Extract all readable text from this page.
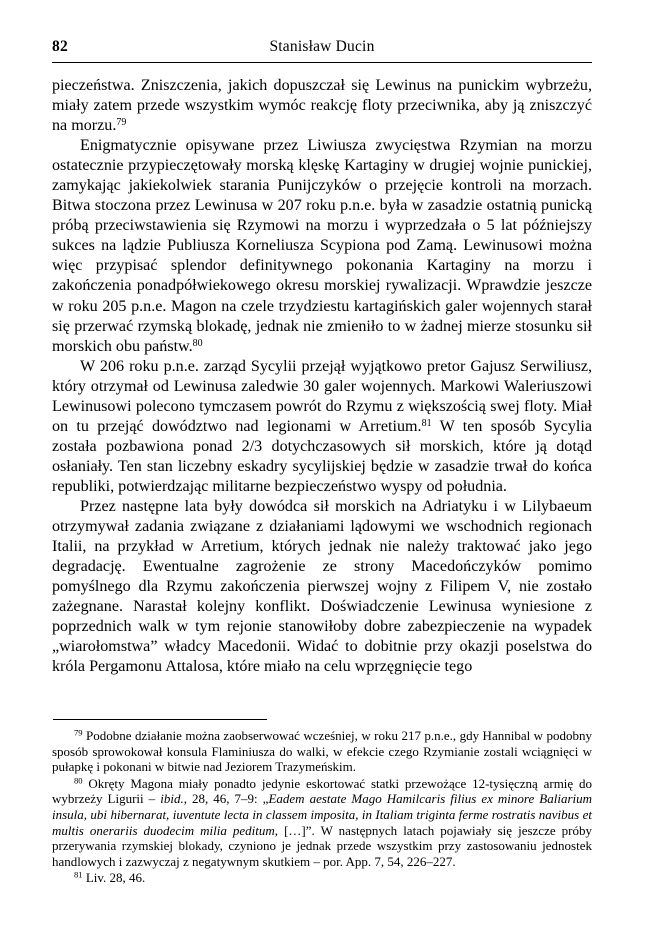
82	Stanisław Ducin

pieczeństwa. Zniszczenia, jakich dopuszczał się Lewinus na punickim wybrzeżu, miały zatem przede wszystkim wymóc reakcję floty przeciwnika, aby ją zniszczyć na morzu.$^{79}$

Enigmatycznie opisywane przez Liwiusza zwycięstwa Rzymian na morzu ostatecznie przypieczętowały morską klęskę Kartaginy w drugiej wojnie punickiej, zamykając jakiekolwiek starania Punijczyków o przejęcie kontroli na morzach. Bitwa stoczona przez Lewinusa w 207 roku p.n.e. była w zasadzie ostatnią punicką próbą przeciwstawienia się Rzymowi na morzu i wyprzedzała o 5 lat późniejszy sukces na lądzie Publiusza Korneliusza Scypiona pod Zamą. Lewinusowi można więc przypisać splendor definitywnego pokonania Kartaginy na morzu i zakończenia ponadpółwiekowego okresu morskiej rywalizacji. Wprawdzie jeszcze w roku 205 p.n.e. Magon na czele trzydziestu kartagińskich galer wojennych starał się przerwać rzymską blokadę, jednak nie zmieniło to w żadnej mierze stosunku sił morskich obu państw.$^{80}$

W 206 roku p.n.e. zarząd Sycylii przejął wyjątkowo pretor Gajusz Serwiliusz, który otrzymał od Lewinusa zaledwie 30 galer wojennych. Markowi Waleriuszowi Lewinusowi polecono tymczasem powrót do Rzymu z większością swej floty. Miał on tu przejąć dowództwo nad legionami w Arretium.$^{81}$ W ten sposób Sycylia została pozbawiona ponad 2/3 dotychczasowych sił morskich, które ją dotąd osłaniały. Ten stan liczebny eskadry sycylijskiej będzie w zasadzie trwał do końca republiki, potwierdzając militarne bezpieczeństwo wyspy od południa.

Przez następne lata były dowódca sił morskich na Adriatyku i w Lilybaeum otrzymywał zadania związane z działaniami lądowymi we wschodnich regionach Italii, na przykład w Arretium, których jednak nie należy traktować jako jego degradację. Ewentualne zagrożenie ze strony Macedończyków pomimo pomyślnego dla Rzymu zakończenia pierwszej wojny z Filipem V, nie zostało zażegnane. Narastał kolejny konflikt. Doświadczenie Lewinusa wyniesione z poprzednich walk w tym rejonie stanowiłoby dobre zabezpieczenie na wypadek „wiarołomstwa” władcy Macedonii. Widać to dobitnie przy okazji poselstwa do króla Pergamonu Attalosa, które miało na celu wprzęgnięcie tego

$^{79}$ Podobne działanie można zaobserwować wcześniej, w roku 217 p.n.e., gdy Hannibal w podobny sposób sprowokował konsula Flaminiusza do walki, w efekcie czego Rzymianie zostali wciągnięci w pułapkę i pokonani w bitwie nad Jeziorem Trazymeńskim.

$^{80}$ Okręty Magona miały ponadto jedynie eskortować statki przewożące 12-tysięczną armię do wybrzeży Ligurii – ibid., 28, 46, 7–9: „Eadem aestate Mago Hamilcaris filius ex minore Baliarium insula, ubi hibernarat, iuventute lecta in classem imposita, in Italiam triginta ferme rostratis navibus et multis onerariis duodecim milia peditum, […]”. W następnych latach pojawiały się jeszcze próby przerywania rzymskiej blokady, czyniono je jednak przede wszystkim przy zastosowaniu jednostek handlowych i zazwyczaj z negatywnym skutkiem – por. App. 7, 54, 226–227.

$^{81}$ Liv. 28, 46.
